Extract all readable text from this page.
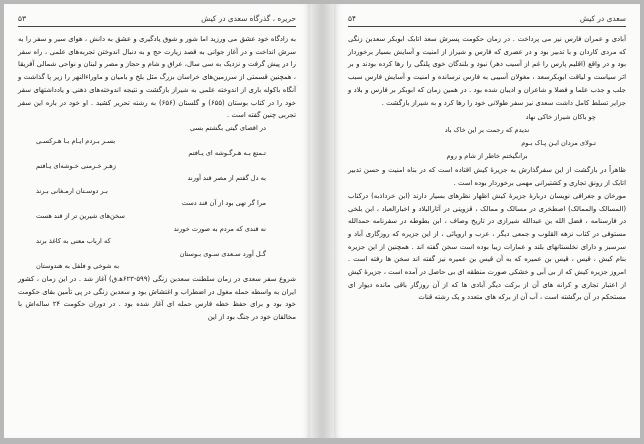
حریره ، گذرگاه سعدی در کیش
۵۳

به زادگاه خود عشق می ورزید اما شور و شوق یادگیری و عشق به دانش ، هوای سیر و سفر را به سرش انداخت و در آغاز جوانی به قصد زیارت حج و به دنبال اندوختن تجربه‌های علمی ، راه سفر را در پیش گرفت و نزدیک به سی سال، عراق و شام و حجاز و مصر و لبنان و نواحی شمالی آفریقا ، همچنین قسمتی از سرزمین‌های خراسان بزرگ مثل بلخ و بامیان و ماوراءالنهر را زیر پا گذاشت و آنگاه باکوله باری از اندوخته علمی به شیراز بازگشت و نتیجه اندوخته‌های ذهنی و یادداشتهای سفر خود را در کتاب بوستان (۶۵۵) و گلستان (۶۵۶) به رشته تحریر کشید . او خود در باره این سفر تجربی چنین گفته است .

در اقصای گیتی بگشتم بسی
بسـر بـردم ایـام بـا هـرکسـی
تـمتع بـه هـرگـوشه ای یـافتم
زهـر خـرمنی خـوشه‌ای یـافتم
به دل گفتم از مصر قند آورند
بـر دوسـتان ارمـغانی بـرند
مرا گر تهی بود از آن قند دست
سخن‌های شیرین تر از قند هست
نه قندی که مردم به صورت خورند
که ارباب معنی به کاغذ برند
گـل آورد سـعدی سـوی بـوستان
به شوخی و فلفل به هندوستان

شروع سفر سعدی در زمان سلطنت سعدبن زنگی (۵۹۹-۶۲۳ه‍.ق) آغاز شد . در این زمان ، کشور ایران به واسطه حمله مغول در اضطراب و اغتشاش بود و سعدبن زنگی در پی تأمین بقای حکومت خود بود و برای حفظ خطه فارس حمله ای آغاز شده بود . در دوران حکومت ۲۴ ساله‌اش با مخالفان خود در جنگ بود از این

سعدی در کیش
۵۴

آبادی و عمران فارس نیز می پرداخت . در زمان حکومت پسرش سعد اتابک ابوبکر سعدبن زنگی که مردی کاردان و با تدبیر بود و در عصری که فارس و شیراز از امنیت و آسایش بسیار برخوردار بود و در واقع (اقلیم پارس را غم از آسیب دهر) نبود و بلندگان خوی پلنگی را رها کرده بودند و بر اثر سیاست و لیاقت ابوبکرسعد ، مغولان آسیبی به فارس نرسانده و امنیت و آسایش فارس سبب جلب و جذب علما و فضلا و شاعران و ادیبان شده بود . در همین زمان که ابوبکر بر فارس و بلاد و جزایر تسلط کامل داشت سعدی نیز سفر طولانی خود را رها کرد و به شیراز بازگشت .

چو باکان شیراز خاکی نهاد
ندیدم که رحمت بر این خاک باد
تـولای مردان ایـن پـاک بـوم
برانگیختم خاطر از شام و روم

ظاهراً در بازگشت از این سفرگذارش به جزیرهٔ کیش افتاده است که در بناه امنیت و حسن تدبیر اتابک از رونق تجاری و کشتیرانی مهمی برخوردار بوده است .

مورخان و جغرافی نویسان دربارهٔ جزیرهٔ کیش اظهار نظرهای بسیار دارند (ابن خرداذبه) درکتاب (المسالک والممالک) اصطخری در مسالک و ممالک ، قزوینی در آثارالبلاد و اخبارالعباد ، ابن بلخی در فارسنامه ، فضل الله بن عبدالله شیرازی در تاریخ وصاف ، ابن بطوطه در سفرنامه حمدالله مستوفی در کتاب نزهه القلوب و جمعی دیگر ، عرب و اروپائی ، از این جزیره که روزگاری آباد و سرسبز و دارای نخلستانهای بلند و عمارات زیبا بوده است سخن گفته اند . همچنین از این جزیره بنام کیش ، قیس ، قیس بن عمیره که به آن قیس بن عمیره نیز گفته اند سخن ها رفته است . امروز جزیره کیش که از بی آبی و خشکی صورت منطقه ای بی حاصل در آمده است ، جزیرهٔ کیش از اعتبار تجاری و کرانه های آن از برکت دیگر آبادی ها که از آن روزگار باقی مانده دیوار ای مستحکم در آن برگشته است ، آب آن از برکه های متعدد و یک رشته قنات
